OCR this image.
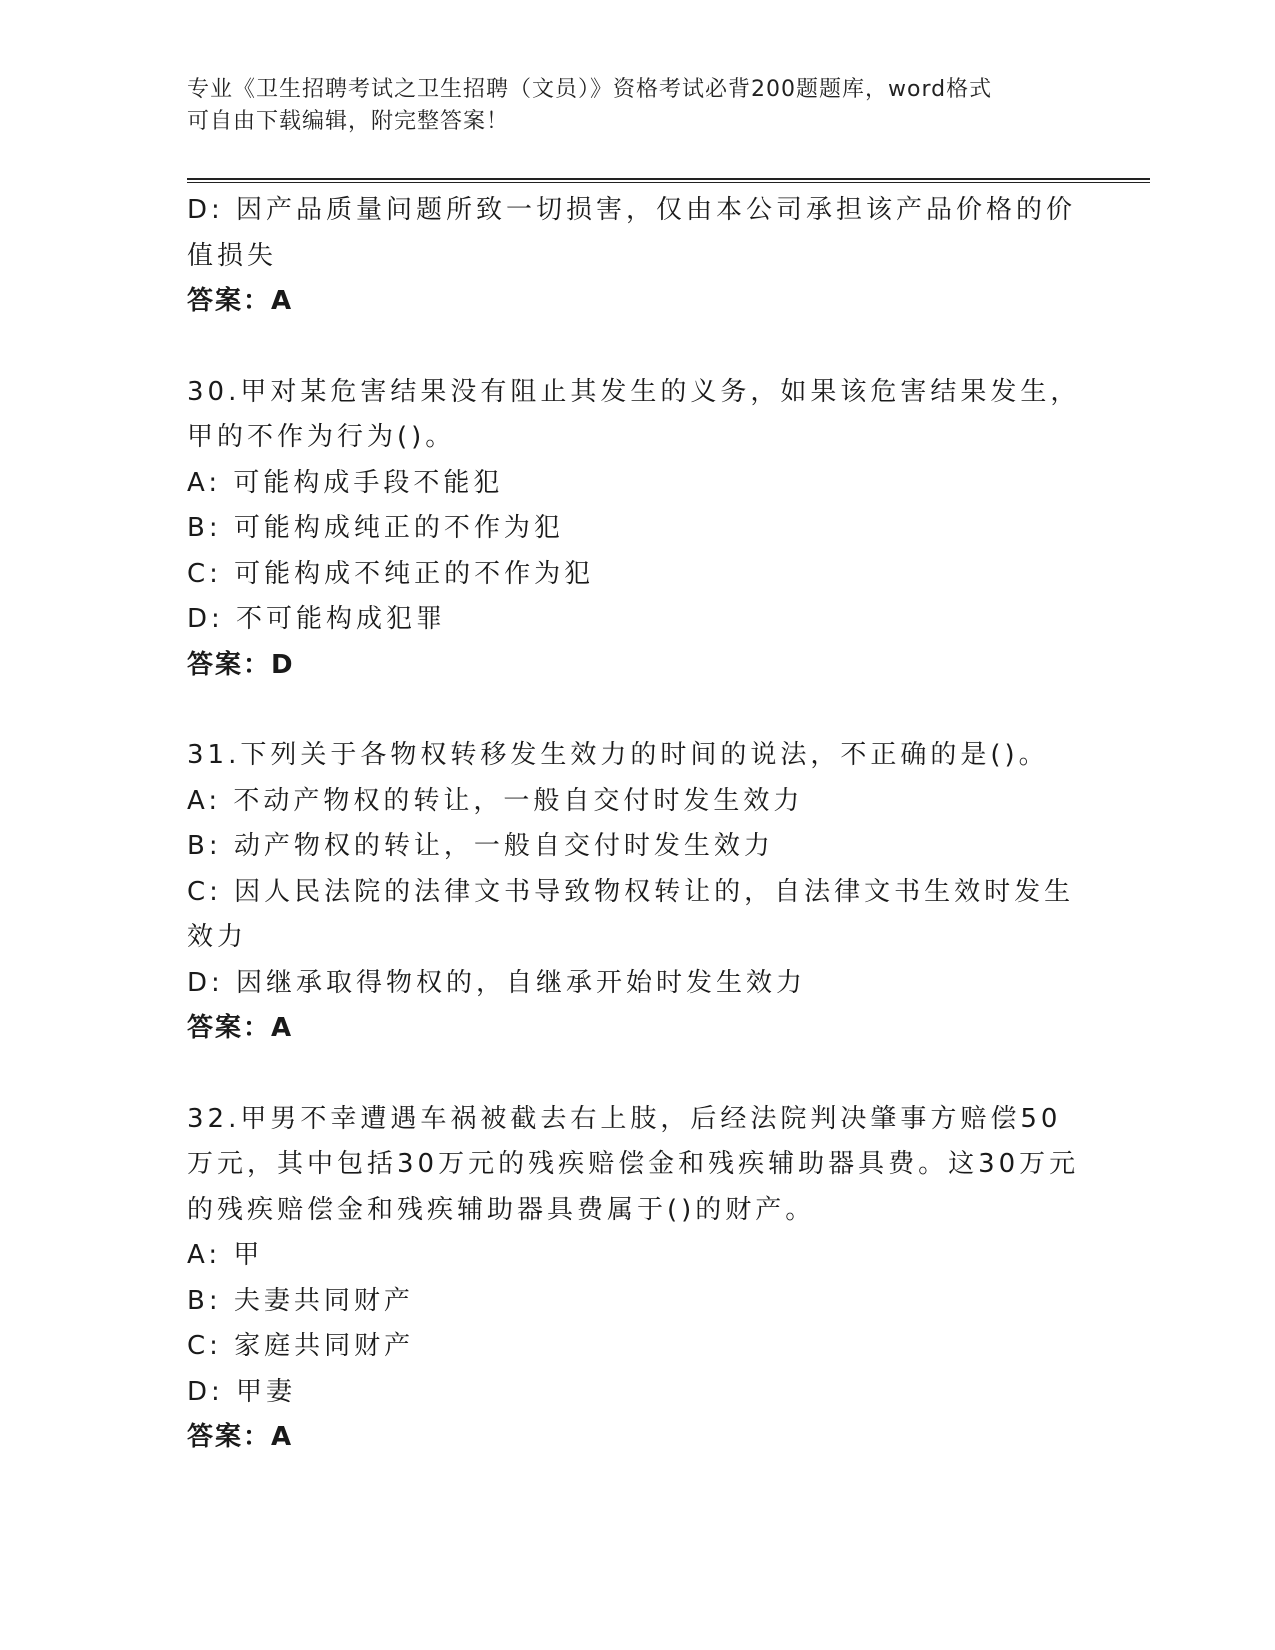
专业《卫生招聘考试之卫生招聘（文员）》资格考试必背200题题库，word格式
可自由下载编辑，附完整答案！

D: 因产品质量问题所致一切损害，仅由本公司承担该产品价格的价值损失

答案：A

30.甲对某危害结果没有阻止其发生的义务，如果该危害结果发生，甲的不作为行为()。

A: 可能构成手段不能犯

B: 可能构成纯正的不作为犯

C: 可能构成不纯正的不作为犯

D: 不可能构成犯罪

答案：D

31.下列关于各物权转移发生效力的时间的说法，不正确的是()。

A: 不动产物权的转让，一般自交付时发生效力

B: 动产物权的转让，一般自交付时发生效力

C: 因人民法院的法律文书导致物权转让的，自法律文书生效时发生效力

D: 因继承取得物权的，自继承开始时发生效力

答案：A

32.甲男不幸遭遇车祸被截去右上肢，后经法院判决肇事方赔偿50万元，其中包括30万元的残疾赔偿金和残疾辅助器具费。这30万元的残疾赔偿金和残疾辅助器具费属于()的财产。

A: 甲

B: 夫妻共同财产

C: 家庭共同财产

D: 甲妻

答案：A
